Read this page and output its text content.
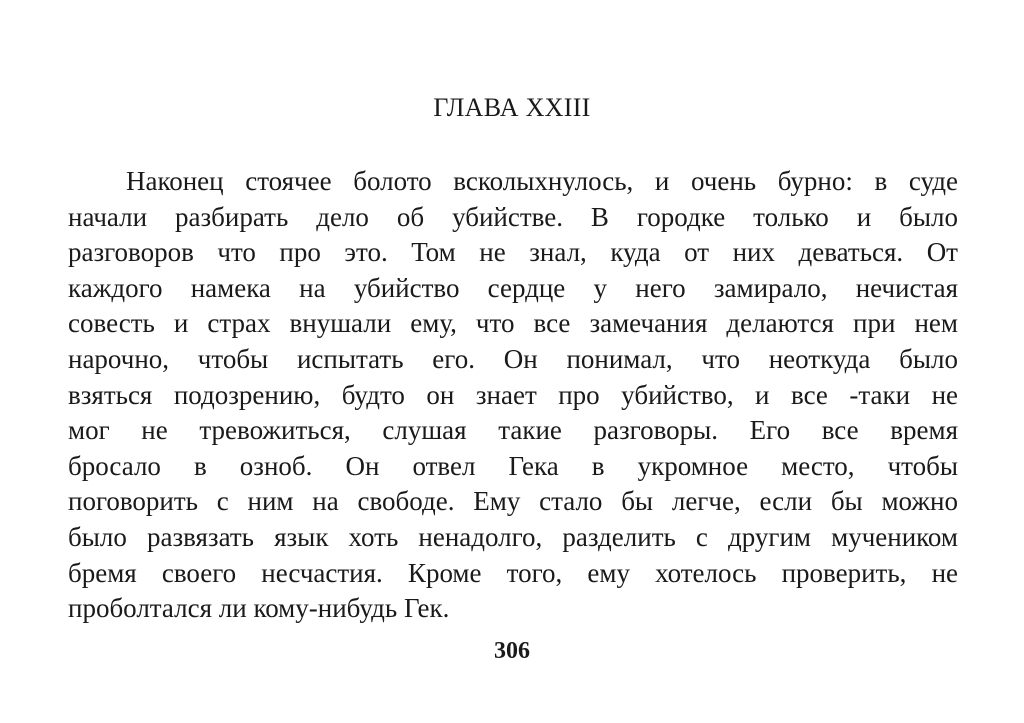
ГЛАВА XXIII
Наконец стоячее болото всколыхнулось, и очень бурно: в суде
начали разбирать дело об убийстве. В городке только и было
разговоров что про это. Том не знал, куда от них деваться. От
каждого намека на убийство сердце у него замирало, нечистая
совесть и страх внушали ему, что все замечания делаются при нем
нарочно, чтобы испытать его. Он понимал, что неоткуда было
взяться подозрению, будто он знает про убийство, и все -таки не
мог не тревожиться, слушая такие разговоры. Его все время
бросало в озноб. Он отвел Гека в укромное место, чтобы
поговорить с ним на свободе. Ему стало бы легче, если бы можно
было развязать язык хоть ненадолго, разделить с другим мучеником
бремя своего несчастия. Кроме того, ему хотелось проверить, не
проболтался ли кому-нибудь Гек.
306
